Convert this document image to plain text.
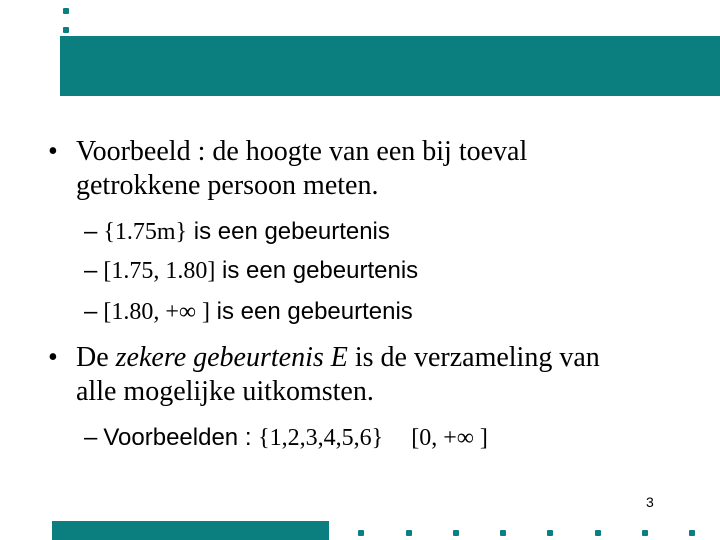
• Voorbeeld : de hoogte van een bij toeval
getrokkene persoon meten.
– {1.75m} is een gebeurtenis
– [1.75, 1.80] is een gebeurtenis
– [1.80, +∞ ] is een gebeurtenis
• De zekere gebeurtenis E is de verzameling van
alle mogelijke uitkomsten.
– Voorbeelden : {1,2,3,4,5,6} [0, +∞ ]
3
